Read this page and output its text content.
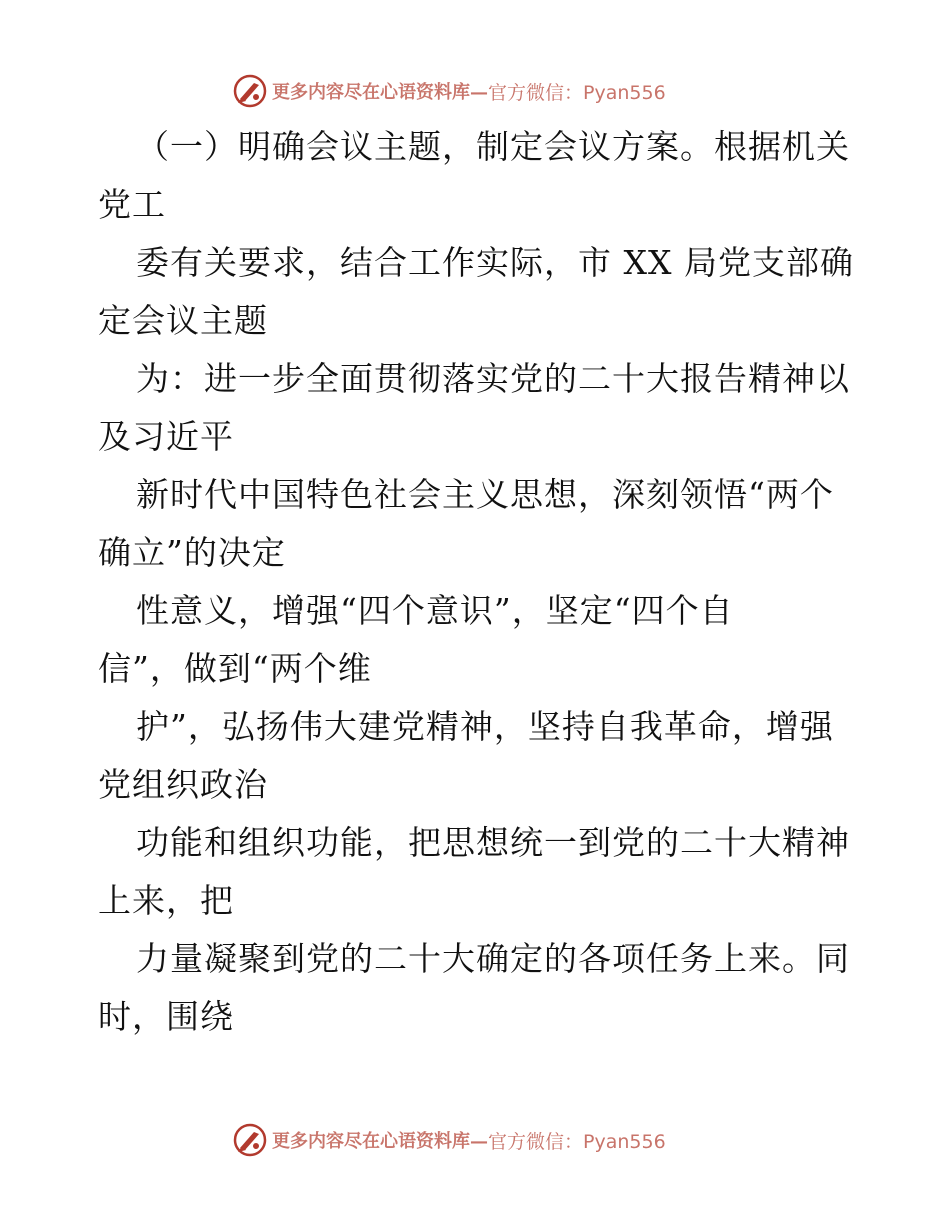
更多内容尽在心语资料库— 官方微信：Pyan556
（一）明确会议主题，制定会议方案。根据机关
党工
委有关要求，结合工作实际，市 XX 局党支部确
定会议主题
为：进一步全面贯彻落实党的二十大报告精神以
及习近平
新时代中国特色社会主义思想，深刻领悟“两个
确立”的决定
性意义，增强“四个意识”，坚定“四个自
信”，做到“两个维
护”，弘扬伟大建党精神，坚持自我革命，增强
党组织政治
功能和组织功能，把思想统一到党的二十大精神
上来，把
力量凝聚到党的二十大确定的各项任务上来。同
时，围绕
更多内容尽在心语资料库— 官方微信：Pyan556
